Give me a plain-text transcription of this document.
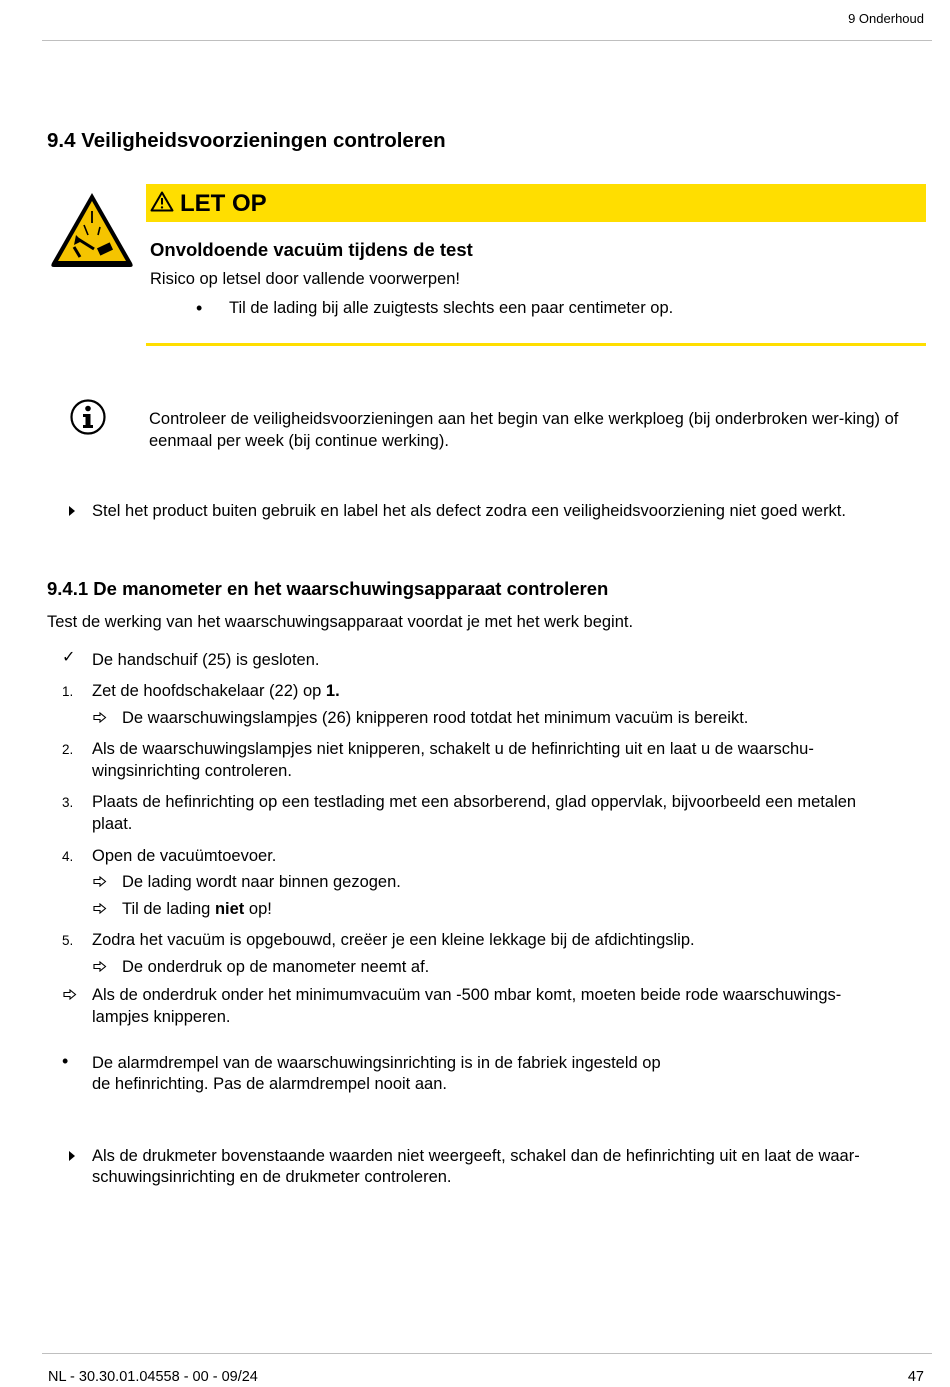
9 Onderhoud
9.4 Veiligheidsvoorzieningen controleren
LET OP
Onvoldoende vacuüm tijdens de test
Risico op letsel door vallende voorwerpen!
• Til de lading bij alle zuigtests slechts een paar centimeter op.
Controleer de veiligheidsvoorzieningen aan het begin van elke werkploeg (bij onderbroken wer-king) of eenmaal per week (bij continue werking).
Stel het product buiten gebruik en label het als defect zodra een veiligheidsvoorziening niet goed werkt.
9.4.1 De manometer en het waarschuwingsapparaat controleren
Test de werking van het waarschuwingsapparaat voordat je met het werk begint.
✓ De handschuif (25) is gesloten.
1. Zet de hoofdschakelaar (22) op 1.
De waarschuwingslampjes (26) knipperen rood totdat het minimum vacuüm is bereikt.
2. Als de waarschuwingslampjes niet knipperen, schakelt u de hefinrichting uit en laat u de waarschu-
wingsinrichting controleren.
3. Plaats de hefinrichting op een testlading met een absorberend, glad oppervlak, bijvoorbeeld een metalen
plaat.
4. Open de vacuümtoevoer.
De lading wordt naar binnen gezogen.
Til de lading niet op!
5. Zodra het vacuüm is opgebouwd, creëer je een kleine lekkage bij de afdichtingslip.
De onderdruk op de manometer neemt af.
Als de onderdruk onder het minimumvacuüm van -500 mbar komt, moeten beide rode waarschuwings-
lampjes knipperen.
• De alarmdrempel van de waarschuwingsinrichting is in de fabriek ingesteld op
de hefinrichting. Pas de alarmdrempel nooit aan.
Als de drukmeter bovenstaande waarden niet weergeeft, schakel dan de hefinrichting uit en laat de waar-
schuwingsinrichting en de drukmeter controleren.
NL - 30.30.01.04558 - 00 - 09/24	47
